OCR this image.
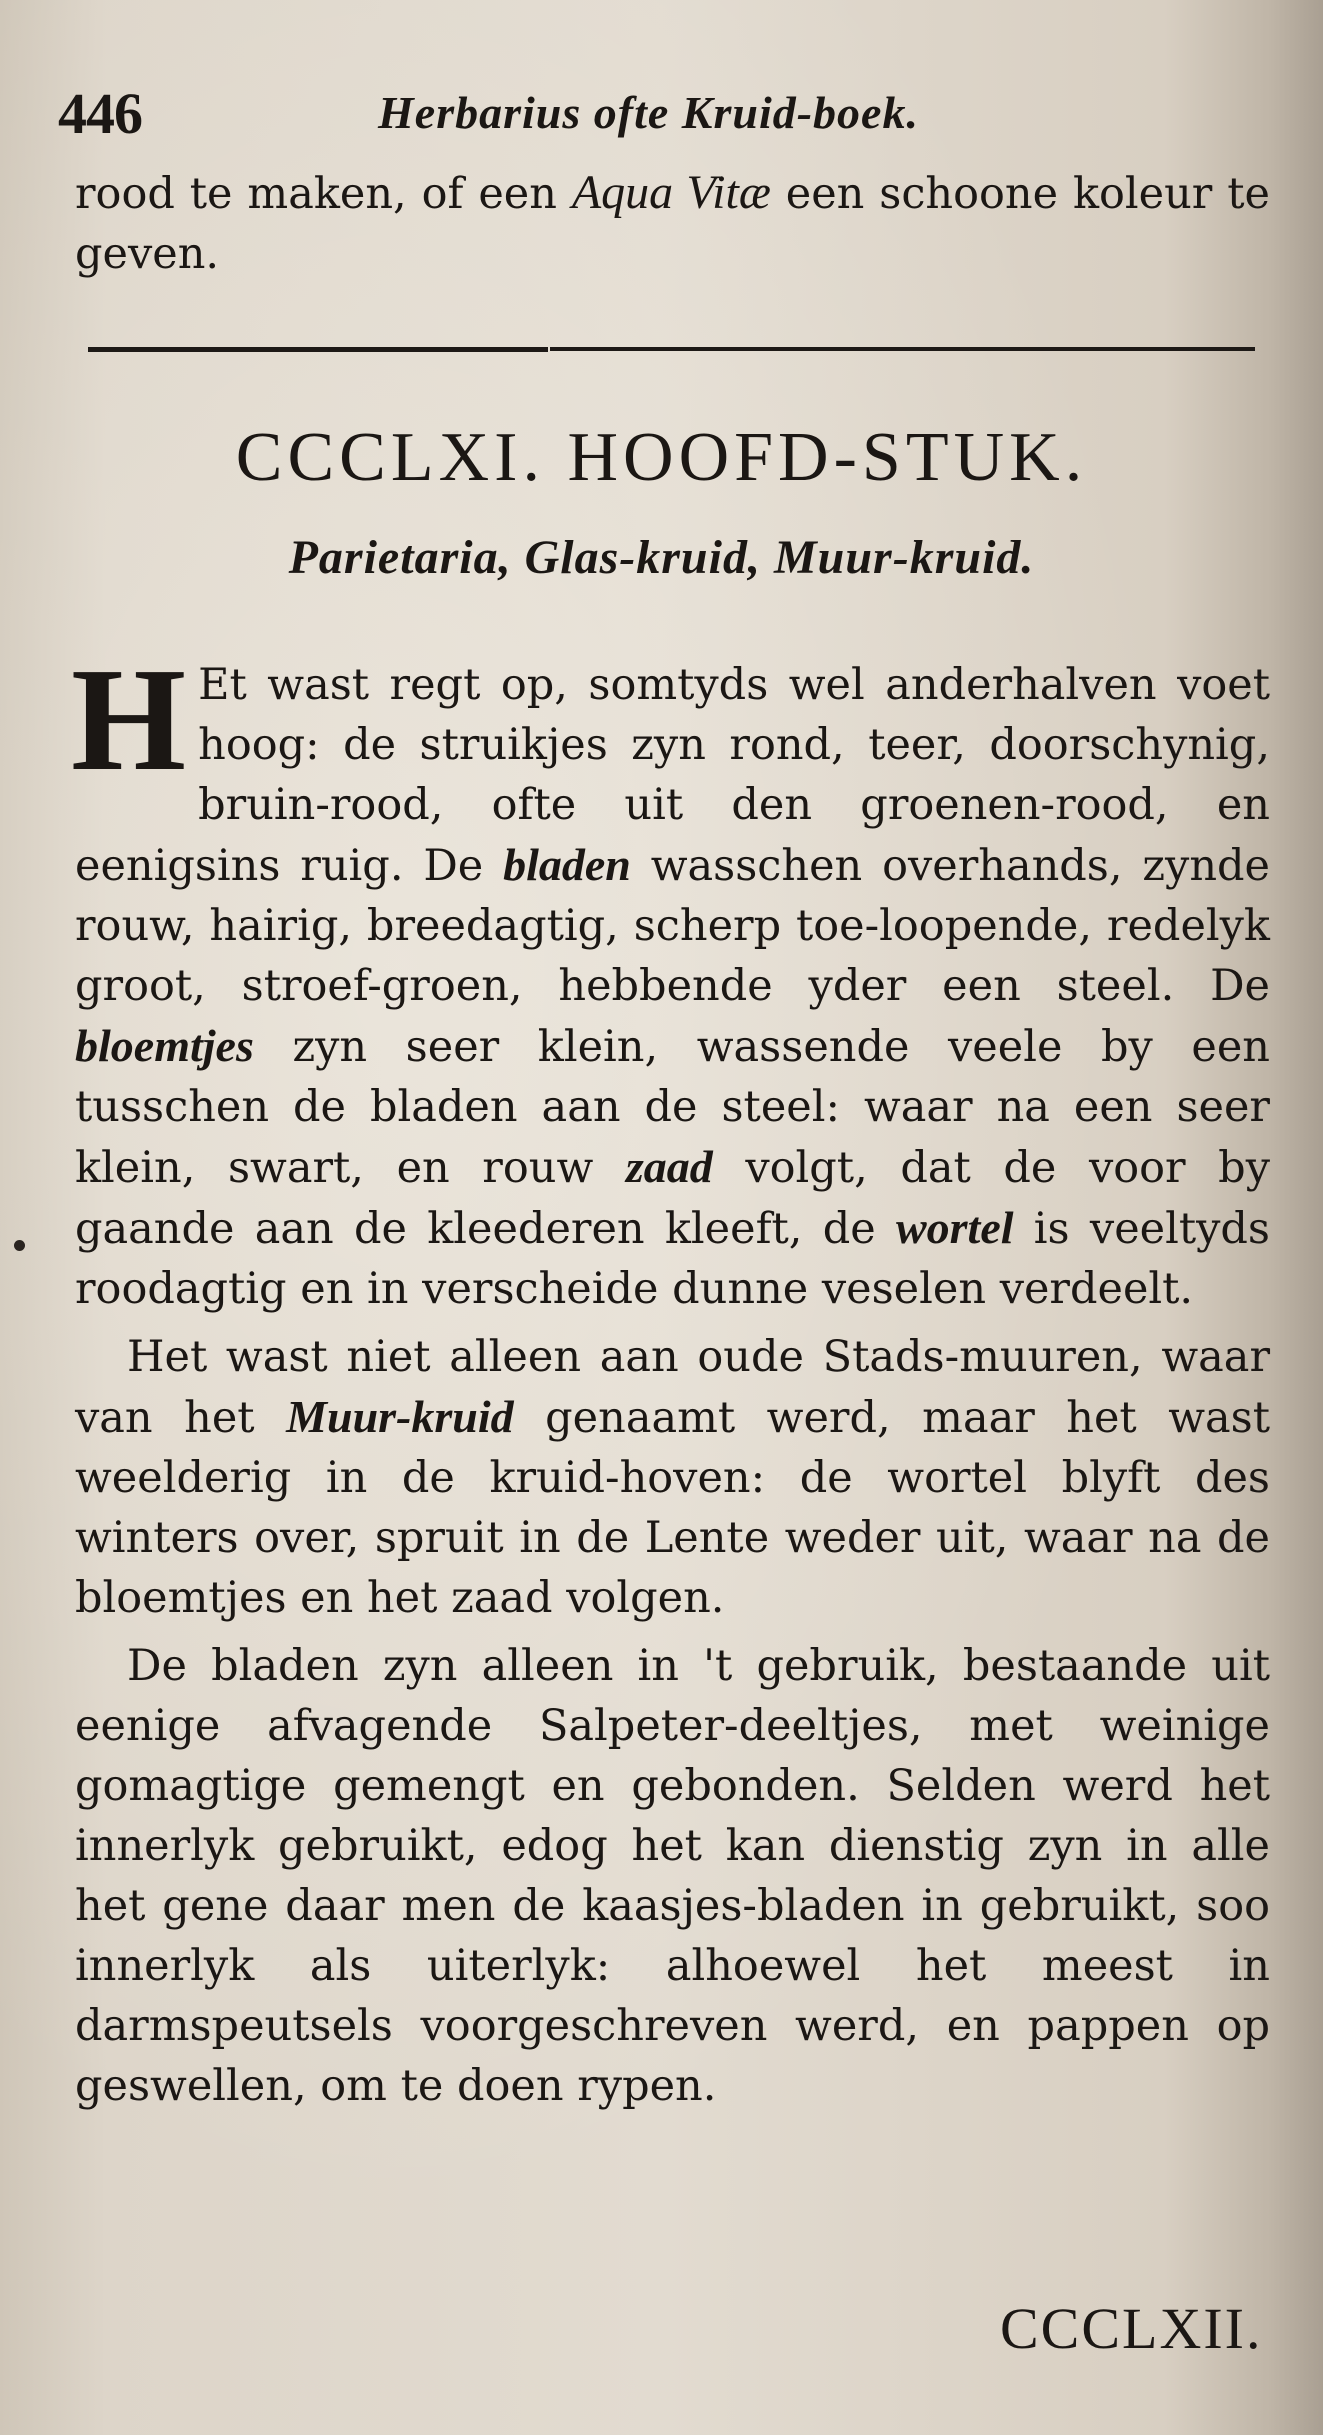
446	Herbarius ofte Kruid-boek.
rood te maken, of een Aqua Vitæ een schoone koleur te geven.
CCCLXI. HOOFD-STUK.
Parietaria, Glas-kruid, Muur-kruid.

H Et wast regt op, somtyds wel anderhalven voet hoog: de struikjes zyn rond, teer, doorschynig, bruin-rood, ofte uit den groenen-rood, en eenigsins ruig. De bladen wasschen overhands, zynde rouw, hairig, breedagtig, scherp toe-loopende, redelyk groot, stroef-groen, hebbende yder een steel. De bloemtjes zyn seer klein, wassende veele by een tusschen de bladen aan de steel: waar na een seer klein, swart, en rouw zaad volgt, dat de voor by gaande aan de kleederen kleeft, de wortel is veeltyds roodagtig en in verscheide dunne veselen verdeelt.

Het wast niet alleen aan oude Stads-muuren, waar van het Muur-kruid genaamt werd, maar het wast weelderig in de kruid-hoven: de wortel blyft des winters over, spruit in de Lente weder uit, waar na de bloemtjes en het zaad volgen.

De bladen zyn alleen in 't gebruik, bestaande uit eenige afvagende Salpeter-deeltjes, met weinige gomagtige gemengt en gebonden. Selden werd het innerlyk gebruikt, edog het kan dienstig zyn in alle het gene daar men de kaasjes-bladen in gebruikt, soo innerlyk als uiterlyk: alhoewel het meest in darmspeutsels voorgeschreven werd, en pappen op geswellen, om te doen rypen.

CCCLXII.
